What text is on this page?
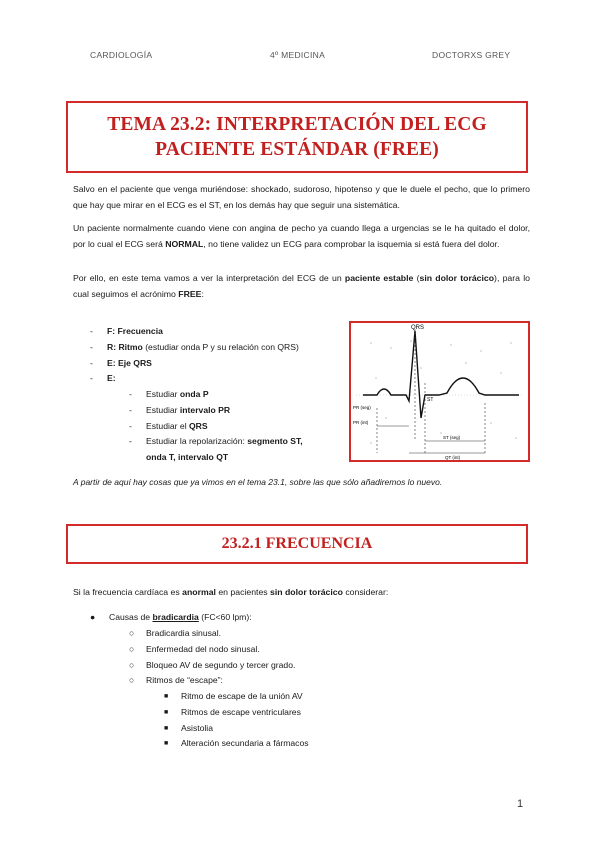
CARDIOLOGÍA	4º MEDICINA	DOCTORXS GREY
TEMA 23.2: INTERPRETACIÓN DEL ECG
PACIENTE ESTÁNDAR (FREE)
Salvo en el paciente que venga muriéndose: shockado, sudoroso, hipotenso y que le duele el pecho, que lo primero que hay que mirar en el ECG es el ST, en los demás hay que seguir una sistemática.
Un paciente normalmente cuando viene con angina de pecho ya cuando llega a urgencias se le ha quitado el dolor, por lo cual el ECG será NORMAL, no tiene validez un ECG para comprobar la isquemia si está fuera del dolor.
Por ello, en este tema vamos a ver la interpretación del ECG de un paciente estable (sin dolor torácico), para lo cual seguimos el acrónimo FREE:
- F: Frecuencia
- R: Ritmo (estudiar onda P y su relación con QRS)
- E: Eje QRS
- E:
- Estudiar onda P
- Estudiar intervalo PR
- Estudiar el QRS
- Estudiar la repolarización: segmento ST,
onda T, intervalo QT
QRS
PR (seg)
ST
PR (int)
ST (seg)
QT (int)
A partir de aquí hay cosas que ya vimos en el tema 23.1, sobre las que sólo añadiremos lo nuevo.
23.2.1 FRECUENCIA
Si la frecuencia cardíaca es anormal en pacientes sin dolor torácico considerar:
● Causas de bradicardia (FC<60 lpm):
○ Bradicardia sinusal.
○ Enfermedad del nodo sinusal.
○ Bloqueo AV de segundo y tercer grado.
○ Ritmos de “escape”:
■ Ritmo de escape de la unión AV
■ Ritmos de escape ventriculares
■ Asistolia
■ Alteración secundaria a fármacos
1
